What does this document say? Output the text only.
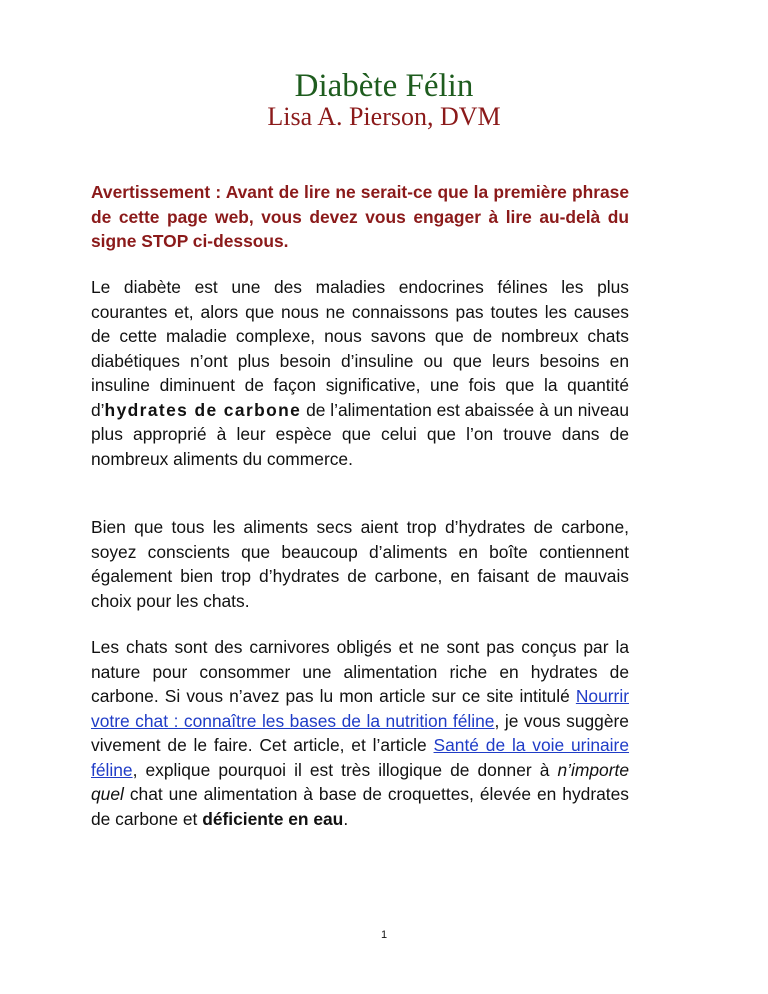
Diabète Félin
Lisa A. Pierson, DVM

Avertissement : Avant de lire ne serait-ce que la première phrase de cette page web, vous devez vous engager à lire au-delà du signe STOP ci-dessous.

Le diabète est une des maladies endocrines félines les plus courantes et, alors que nous ne connaissons pas toutes les causes de cette maladie complexe, nous savons que de nombreux chats diabétiques n’ont plus besoin d’insuline ou que leurs besoins en insuline diminuent de façon significative, une fois que la quantité d’hydrates de carbone de l’alimentation est abaissée à un niveau plus approprié à leur espèce que celui que l’on trouve dans de nombreux aliments du commerce.

Bien que tous les aliments secs aient trop d’hydrates de carbone, soyez conscients que beaucoup d’aliments en boîte contiennent également bien trop d’hydrates de carbone, en faisant de mauvais choix pour les chats.

Les chats sont des carnivores obligés et ne sont pas conçus par la nature pour consommer une alimentation riche en hydrates de carbone. Si vous n’avez pas lu mon article sur ce site intitulé Nourrir votre chat : connaître les bases de la nutrition féline, je vous suggère vivement de le faire. Cet article, et l’article Santé de la voie urinaire féline, explique pourquoi il est très illogique de donner à n’importe quel chat une alimentation à base de croquettes, élevée en hydrates de carbone et déficiente en eau.

1
